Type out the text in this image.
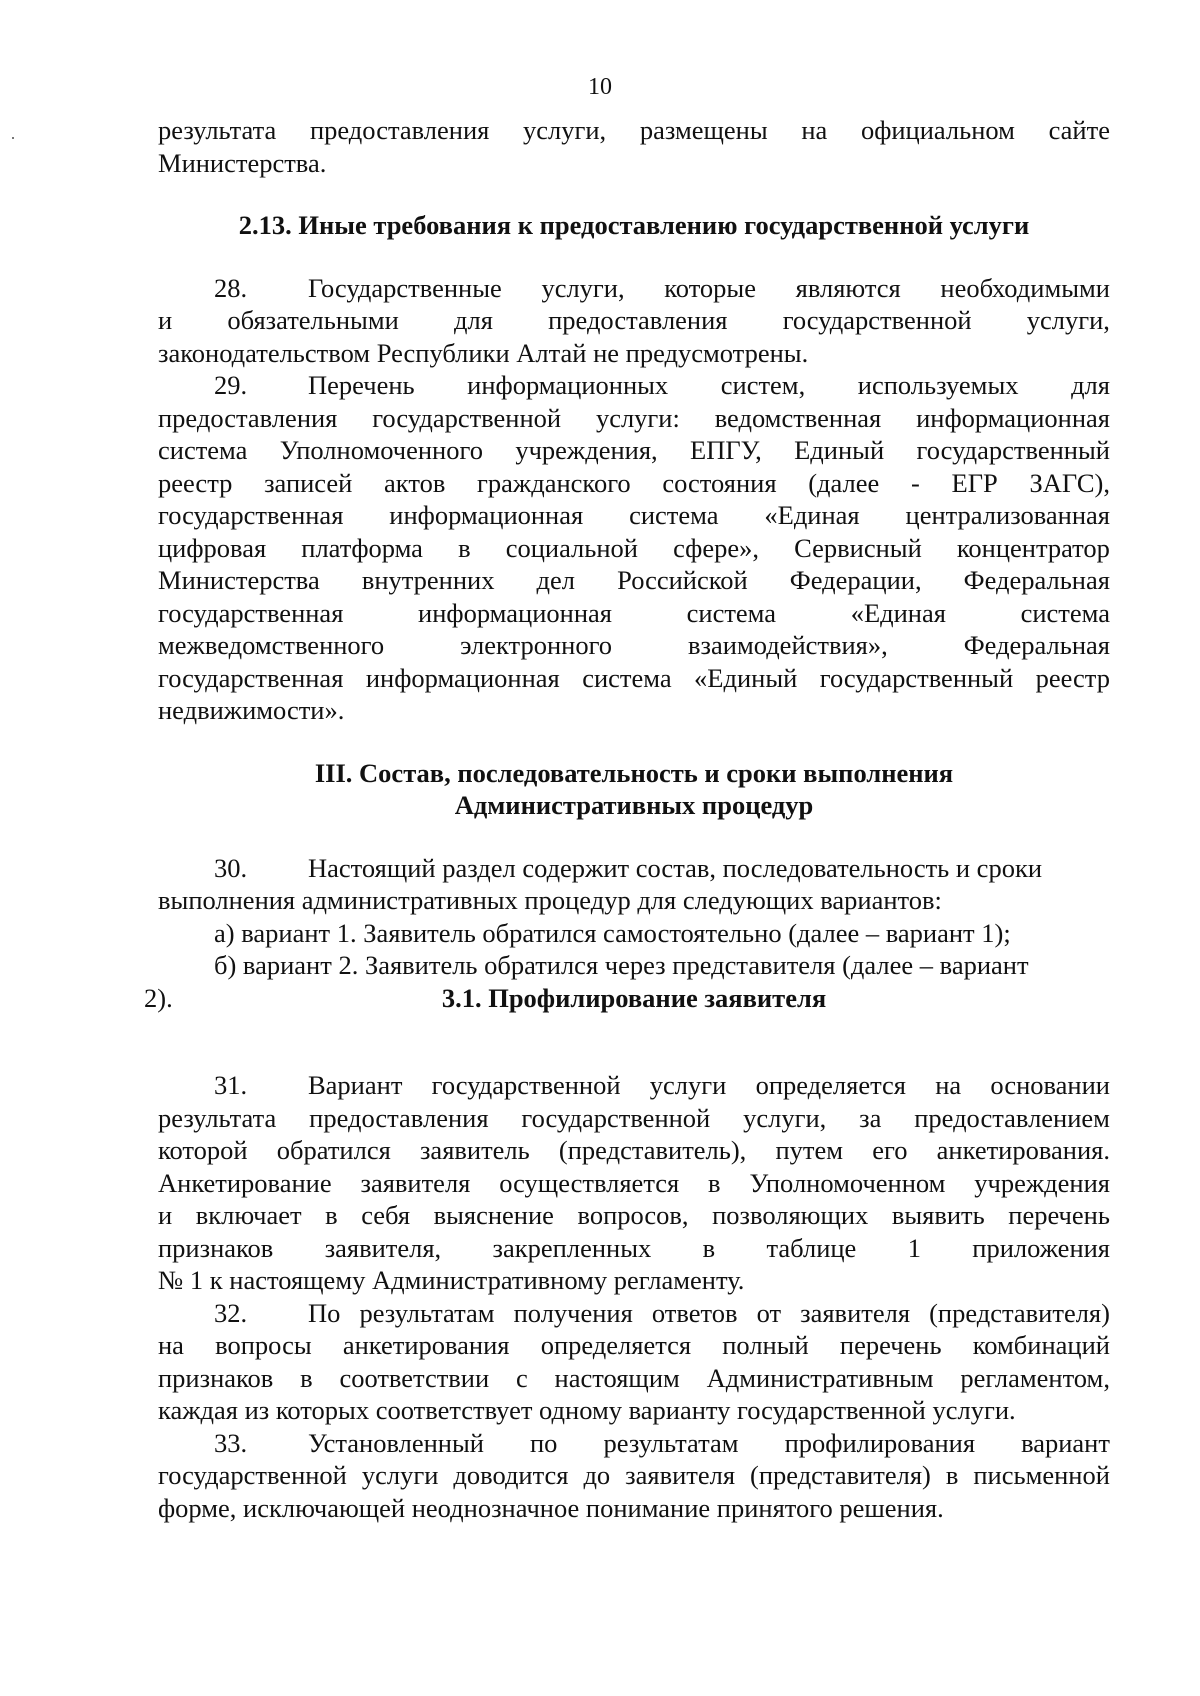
10
результата предоставления услуги, размещены на официальном сайте
Министерства.
2.13. Иные требования к предоставлению государственной услуги
28.	Государственные услуги, которые являются необходимыми
и обязательными для предоставления государственной услуги,
законодательством Республики Алтай не предусмотрены.
29.	Перечень информационных систем, используемых для
предоставления государственной услуги: ведомственная информационная
система Уполномоченного учреждения, ЕПГУ, Единый государственный
реестр записей актов гражданского состояния (далее - ЕГР ЗАГС),
государственная информационная система «Единая централизованная
цифровая платформа в социальной сфере», Сервисный концентратор
Министерства внутренних дел Российской Федерации, Федеральная
государственная	информационная	система	«Единая	система
межведомственного	электронного	взаимодействия»,	Федеральная
государственная информационная система «Единый государственный реестр
недвижимости».
III. Состав, последовательность и сроки выполнения
Административных процедур
30.	Настоящий раздел содержит состав, последовательность и сроки
выполнения административных процедур для следующих вариантов:
а) вариант 1. Заявитель обратился самостоятельно (далее – вариант 1);
б) вариант 2. Заявитель обратился через представителя (далее – вариант
2).	3.1. Профилирование заявителя
31.	Вариант государственной услуги определяется на основании
результата предоставления государственной услуги, за предоставлением
которой обратился заявитель (представитель), путем его анкетирования.
Анкетирование заявителя осуществляется в Уполномоченном учреждения
и включает в себя выяснение вопросов, позволяющих выявить перечень
признаков заявителя, закрепленных в таблице 1 приложения
№ 1 к настоящему Административному регламенту.
32.	По результатам получения ответов от заявителя (представителя)
на вопросы анкетирования определяется полный перечень комбинаций
признаков в соответствии с настоящим Административным регламентом,
каждая из которых соответствует одному варианту государственной услуги.
33.	Установленный по результатам профилирования вариант
государственной услуги доводится до заявителя (представителя) в письменной
форме, исключающей неоднозначное понимание принятого решения.
